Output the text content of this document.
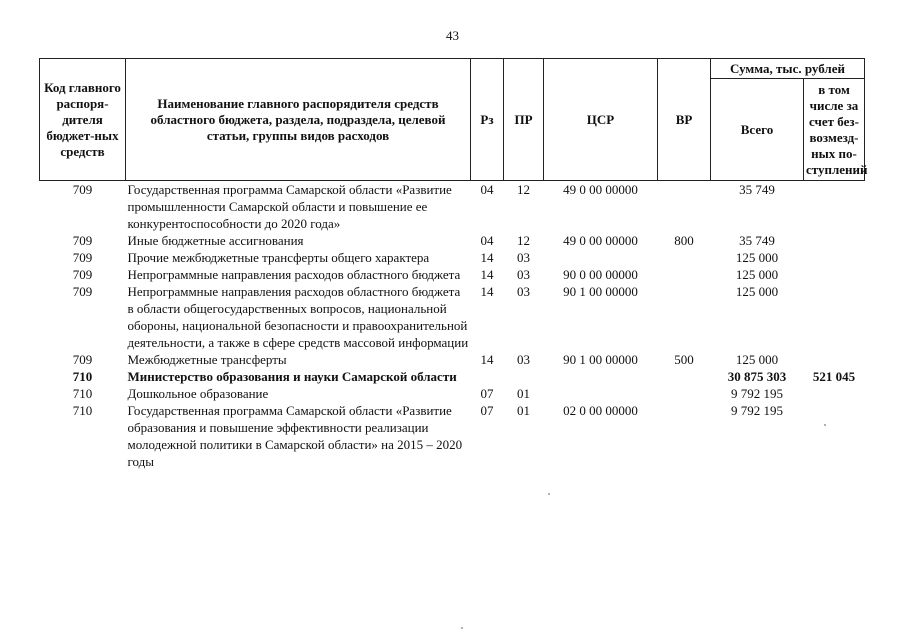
43
Код главного распоря-дителя бюджет-ных средств	Наименование главного распорядителя средств областного бюджета, раздела, подраздела, целевой статьи, группы видов расходов	Рз	ПР	ЦСР	ВР	Сумма, тыс. рублей	
						Всего	в том числе за счет без-возмезд-ных по-ступлений
709	Государственная программа Самарской области «Развитие промышленности Самарской области и повышение ее конкурентоспособности до 2020 года»	04	12	49 0 00 00000		35 749	
709	Иные бюджетные ассигнования	04	12	49 0 00 00000	800	35 749	
709	Прочие межбюджетные трансферты общего характера	14	03			125 000	
709	Непрограммные направления расходов областного бюджета	14	03	90 0 00 00000		125 000	
709	Непрограммные направления расходов областного бюджета в области общегосударственных вопросов, национальной обороны, национальной безопасности и правоохранительной деятельности, а также в сфере средств массовой информации	14	03	90 1 00 00000		125 000	
709	Межбюджетные трансферты	14	03	90 1 00 00000	500	125 000	
710	Министерство образования и науки Самарской области					30 875 303	521 045
710	Дошкольное образование	07	01			9 792 195	
710	Государственная программа Самарской области «Развитие образования и повышение эффективности реализации молодежной политики в Самарской области» на 2015 – 2020 годы	07	01	02 0 00 00000		9 792 195	
